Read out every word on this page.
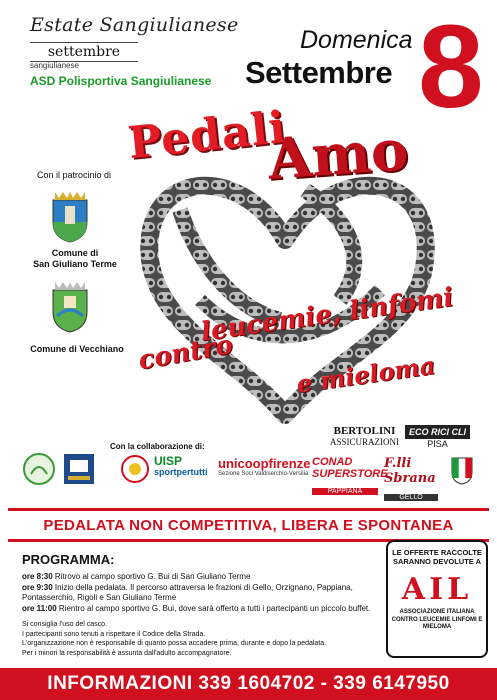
Estate Sangiulianese
settembre
sangiulianese
ASD Polisportiva Sangiulianese
Domenica
Settembre 8
Con il patrocinio di
Comune di
San Giuliano Terme
Comune di Vecchiano
Pedali
Amo
leucemie, linfomi
contro e mieloma
BERTOLINI
ASSICURAZIONI
ECO RICI CLI
PISA
Con la collaborazione di:
UISP
sportpertutti
unicoopfirenze
Sezione Soci Valdiserchio-Versilia
CONAD SUPERSTORE
PAPPIANA
F.lli Sbrana
GELLO
PEDALATA NON COMPETITIVA, LIBERA E SPONTANEA
PROGRAMMA:
ore 8:30 Ritrovo al campo sportivo G. Bui di San Giuliano Terme
ore 9:30 Inizio della pedalata. Il percorso attraversa le frazioni di Gello, Orzignano, Pappiana, Pontasserchio, Rigoli e San Giuliano Terme
ore 11:00 Rientro al campo sportivo G. Bui, dove sarà offerto a tutti i partecipanti un piccolo buffet.
Si consiglia l'uso del casco.
I partecipanti sono tenuti a rispettare il Codice della Strada.
L'organizzazione non è responsabile di quanto possa accadere prima, durante e dopo la pedalata.
Per i minori la responsabilità è assunta dall'adulto accompagnatore.
LE OFFERTE RACCOLTE SARANNO DEVOLUTE A
AIL
ASSOCIAZIONE ITALIANA CONTRO LEUCEMIE LINFOMI E MIELOMA
INFORMAZIONI 339 1604702 - 339 6147950
